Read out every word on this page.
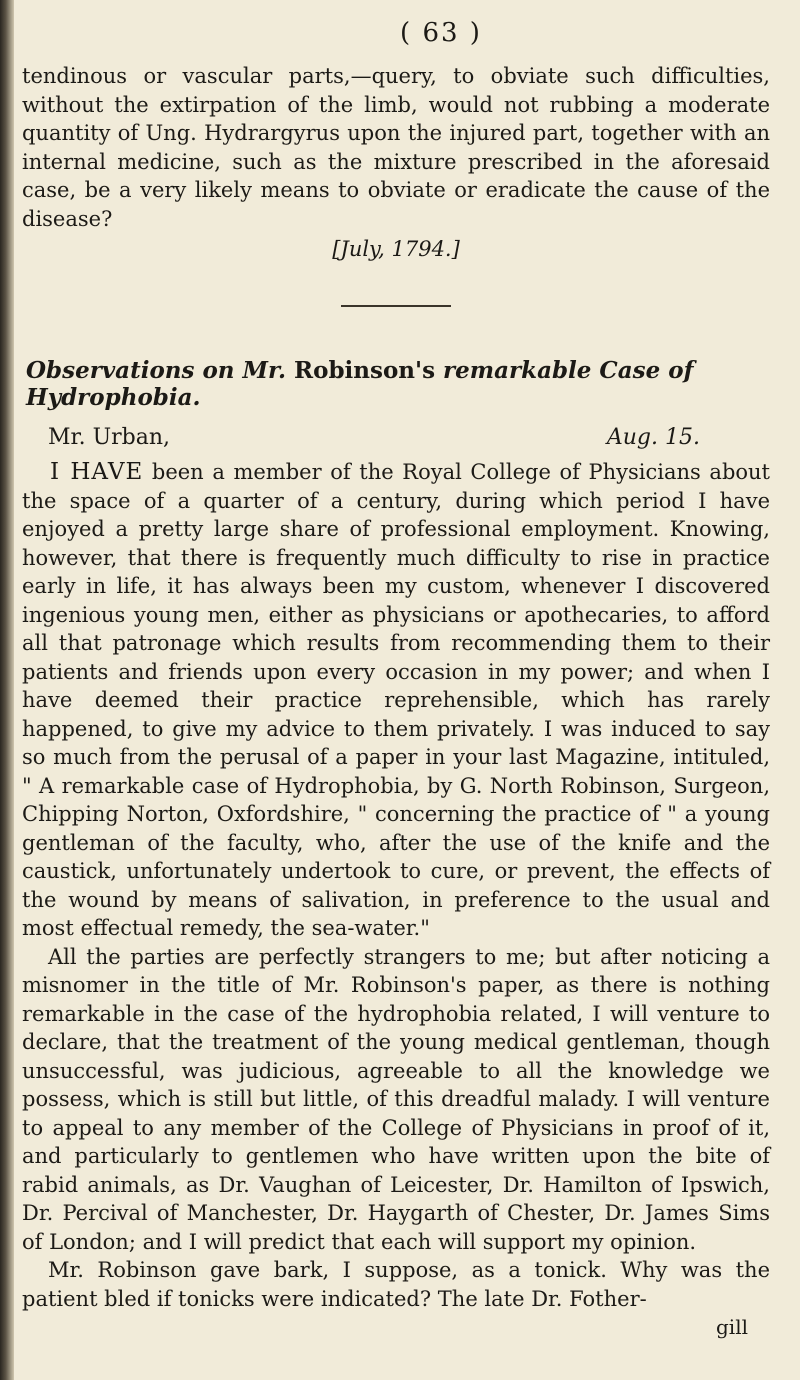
( 63 )

tendinous or vascular parts,—query, to obviate such difficulties, without the extirpation of the limb, would not rubbing a moderate quantity of Ung. Hydrargyrus upon the injured part, together with an internal medicine, such as the mixture prescribed in the aforesaid case, be a very likely means to obviate or eradicate the cause of the disease?

[July, 1794.]
Observations on Mr. Robinson's remarkable Case of Hydrophobia.
Mr. Urban,	Aug. 15.

I HAVE been a member of the Royal College of Physicians about the space of a quarter of a century, during which period I have enjoyed a pretty large share of professional employment. Knowing, however, that there is frequently much difficulty to rise in practice early in life, it has always been my custom, whenever I discovered ingenious young men, either as physicians or apothecaries, to afford all that patronage which results from recommending them to their patients and friends upon every occasion in my power; and when I have deemed their practice reprehensible, which has rarely happened, to give my advice to them privately. I was induced to say so much from the perusal of a paper in your last Magazine, intituled, " A remarkable case of Hydrophobia, by G. North Robinson, Surgeon, Chipping Norton, Oxfordshire, " concerning the practice of " a young gentleman of the faculty, who, after the use of the knife and the caustick, unfortunately undertook to cure, or prevent, the effects of the wound by means of salivation, in preference to the usual and most effectual remedy, the sea-water."

All the parties are perfectly strangers to me; but after noticing a misnomer in the title of Mr. Robinson's paper, as there is nothing remarkable in the case of the hydrophobia related, I will venture to declare, that the treatment of the young medical gentleman, though unsuccessful, was judicious, agreeable to all the knowledge we possess, which is still but little, of this dreadful malady. I will venture to appeal to any member of the College of Physicians in proof of it, and particularly to gentlemen who have written upon the bite of rabid animals, as Dr. Vaughan of Leicester, Dr. Hamilton of Ipswich, Dr. Percival of Manchester, Dr. Haygarth of Chester, Dr. James Sims of London; and I will predict that each will support my opinion.

Mr. Robinson gave bark, I suppose, as a tonick. Why was the patient bled if tonicks were indicated? The late Dr. Fother-

gill
